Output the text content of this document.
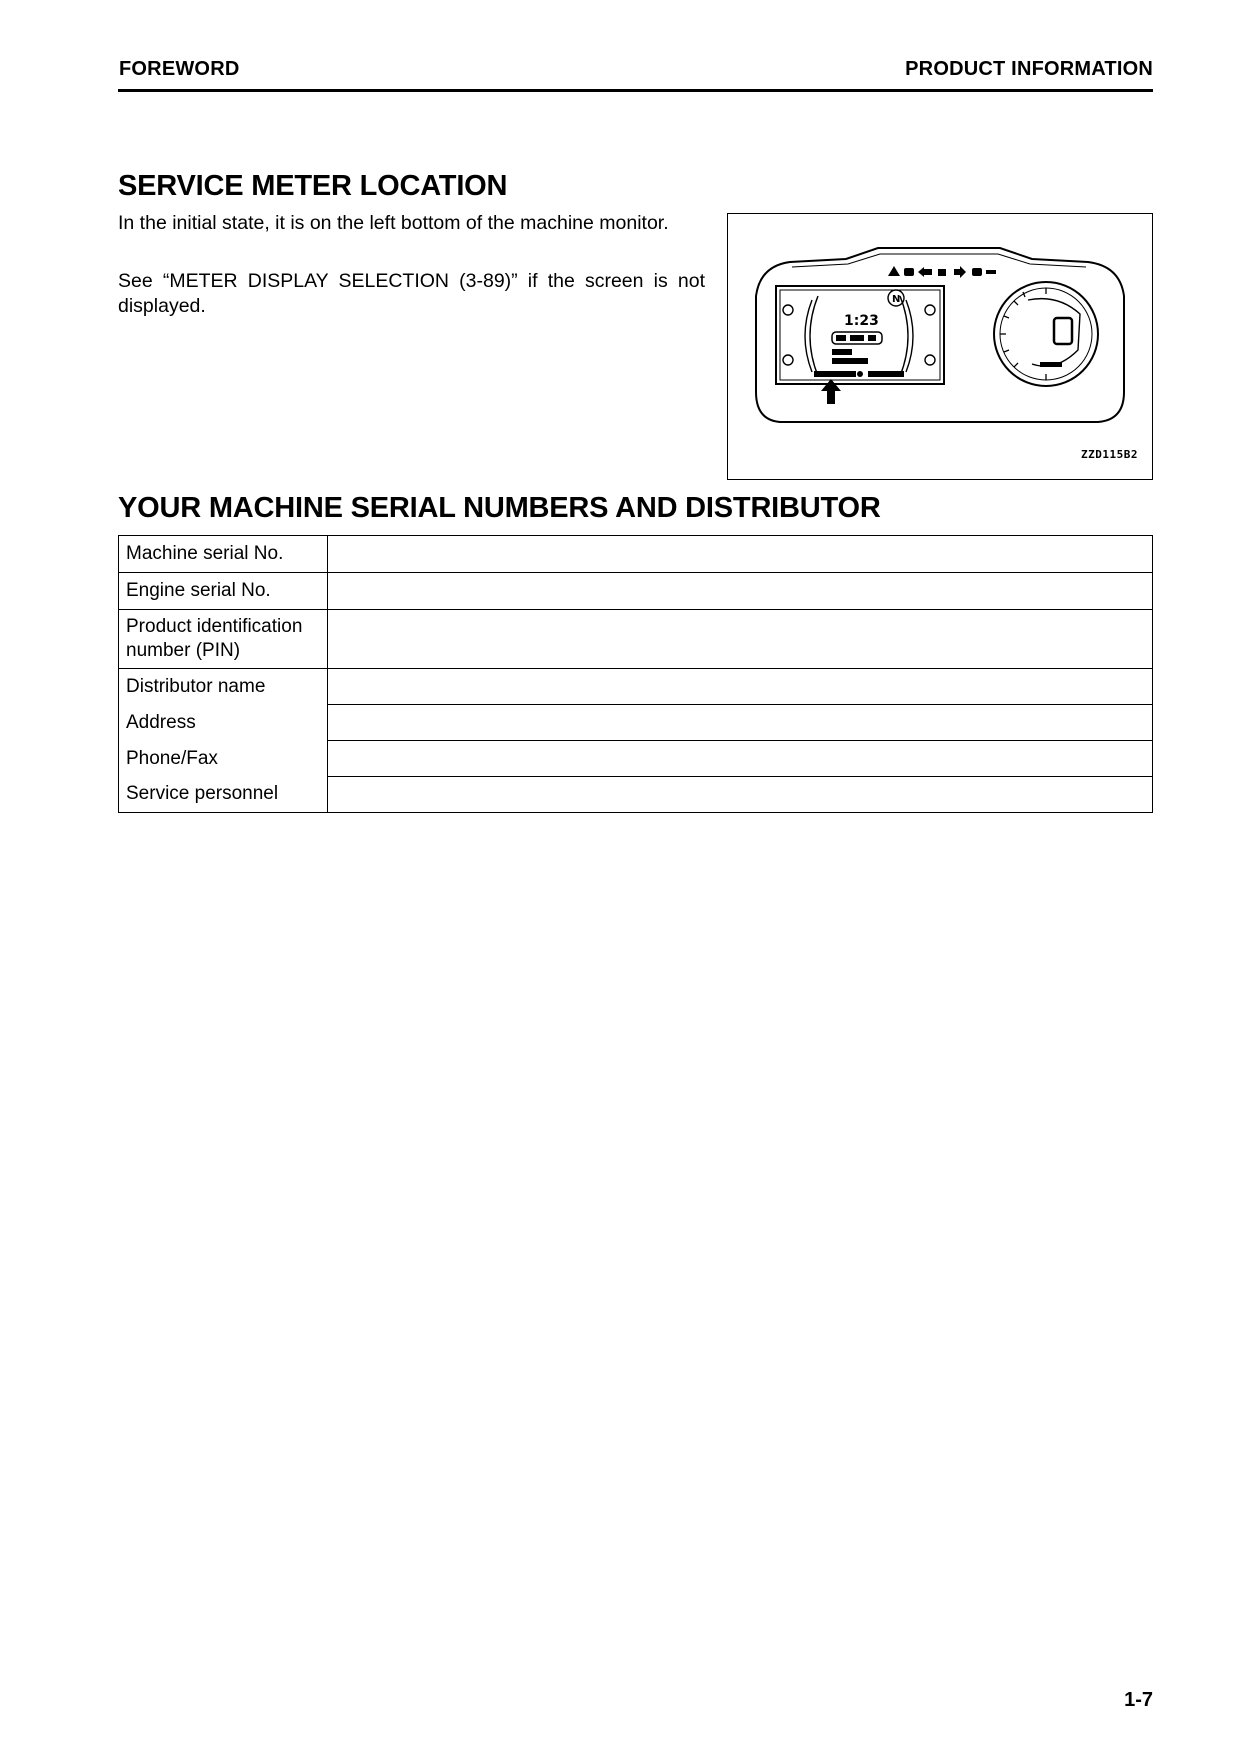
FOREWORD	PRODUCT INFORMATION
SERVICE METER LOCATION

In the initial state, it is on the left bottom of the machine monitor.

See “METER DISPLAY SELECTION (3-89)” if the screen is not displayed.	N
1:23
ZZD115B2
YOUR MACHINE SERIAL NUMBERS AND DISTRIBUTOR
Machine serial No.	
Engine serial No.	
Product identification number (PIN)	

Distributor name
Address
Phone/Fax
Service personnel	

1-7
